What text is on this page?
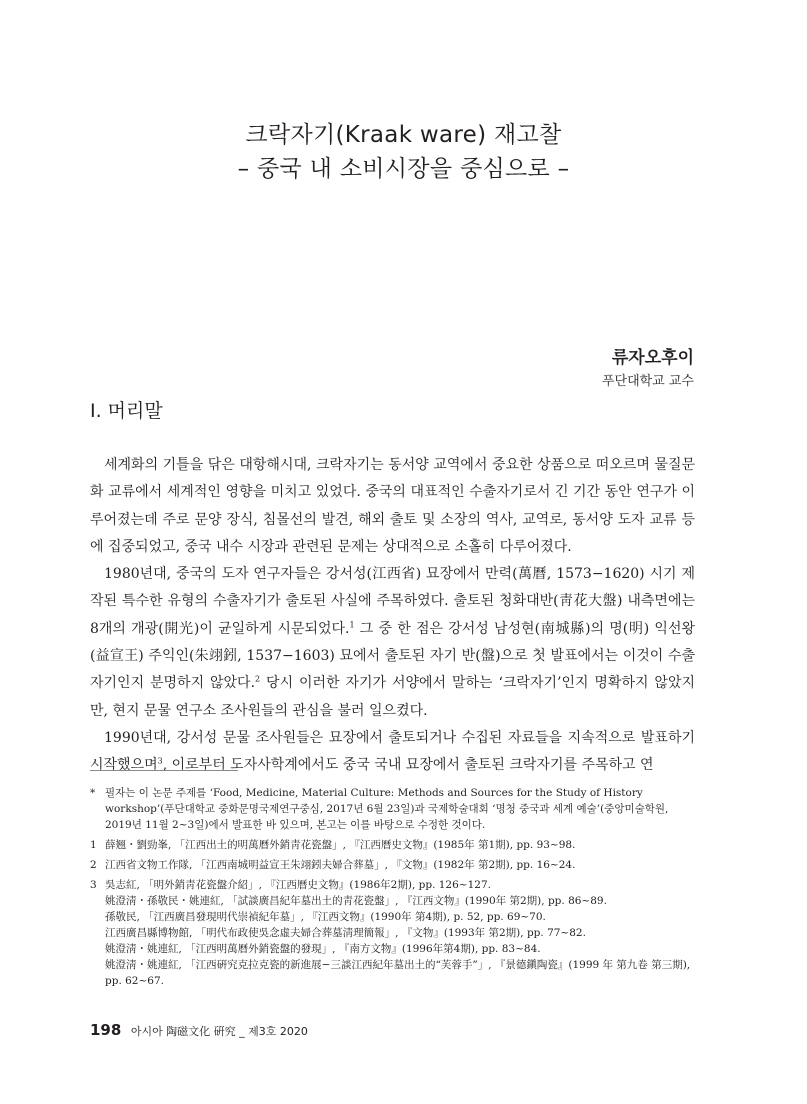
크락자기(Kraak ware) 재고찰
– 중국 내 소비시장을 중심으로 –
류자오후이
푸단대학교 교수
Ⅰ. 머리말

세계화의 기틀을 닦은 대항해시대, 크락자기는 동서양 교역에서 중요한 상품으로 떠오르며 물질문화 교류에서 세계적인 영향을 미치고 있었다. 중국의 대표적인 수출자기로서 긴 기간 동안 연구가 이루어졌는데 주로 문양 장식, 침몰선의 발견, 해외 출토 및 소장의 역사, 교역로, 동서양 도자 교류 등에 집중되었고, 중국 내수 시장과 관련된 문제는 상대적으로 소홀히 다루어졌다.

1980년대, 중국의 도자 연구자들은 강서성(江西省) 묘장에서 만력(萬曆, 1573−1620) 시기 제작된 특수한 유형의 수출자기가 출토된 사실에 주목하였다. 출토된 청화대반(靑花大盤) 내측면에는 8개의 개광(開光)이 균일하게 시문되었다.$^1$ 그 중 한 점은 강서성 남성현(南城縣)의 명(明) 익선왕(益宣王) 주익인(朱翊鈏, 1537−1603) 묘에서 출토된 자기 반(盤)으로 첫 발표에서는 이것이 수출자기인지 분명하지 않았다.$^2$ 당시 이러한 자기가 서양에서 말하는 ‘크락자기’인지 명확하지 않았지만, 현지 문물 연구소 조사원들의 관심을 불러 일으켰다.

1990년대, 강서성 문물 조사원들은 묘장에서 출토되거나 수집된 자료들을 지속적으로 발표하기 시작했으며$^3$, 이로부터 도자사학계에서도 중국 국내 묘장에서 출토된 크락자기를 주목하고 연

* 필자는 이 논문 주제를 ‘Food, Medicine, Material Culture: Methods and Sources for the Study of History workshop’(푸단대학교 중화문명국제연구중심, 2017년 6월 23일)과 국제학술대회 ‘명청 중국과 세계 예술’(중앙미술학원, 2019년 11월 2~3일)에서 발표한 바 있으며, 본고는 이를 바탕으로 수정한 것이다.
1 薛翘・劉勁峯, 「江西出土的明萬曆外銷靑花瓷盤」, 『江西曆史文物』(1985年 第1期), pp. 93~98.
2 江西省文物工作隊, 「江西南城明益宣王朱翊鈏夫婦合葬墓」, 『文物』(1982年 第2期), pp. 16~24.
3 吳志紅, 「明外銷靑花瓷盤介紹」, 『江西曆史文物』(1986年2期), pp. 126~127.
姚澄淸・孫敬民・姚連紅, 「試談廣昌紀年墓出土的靑花瓷盤」, 『江西文物』(1990年 第2期), pp. 86~89.
孫敬民, 「江西廣昌發現明代崇禎紀年墓」, 『江西文物』(1990年 第4期), p. 52, pp. 69~70.
江西廣昌縣博物館, 「明代布政使吳念虛夫婦合葬墓淸理簡報」, 『文物』(1993年 第2期), pp. 77~82.
姚澄淸・姚連紅, 「江西明萬曆外銷瓷盤的發現」, 『南方文物』(1996年第4期), pp. 83~84.
姚澄淸・姚連紅, 「江西硏究克拉克瓷的新進展−三談江西紀年墓出土的“芙蓉手”」, 『景德鎭陶瓷』(1999 年 第九卷 第三期), pp. 62~67.
198 아시아 陶磁文化 硏究 _ 제3호 2020
